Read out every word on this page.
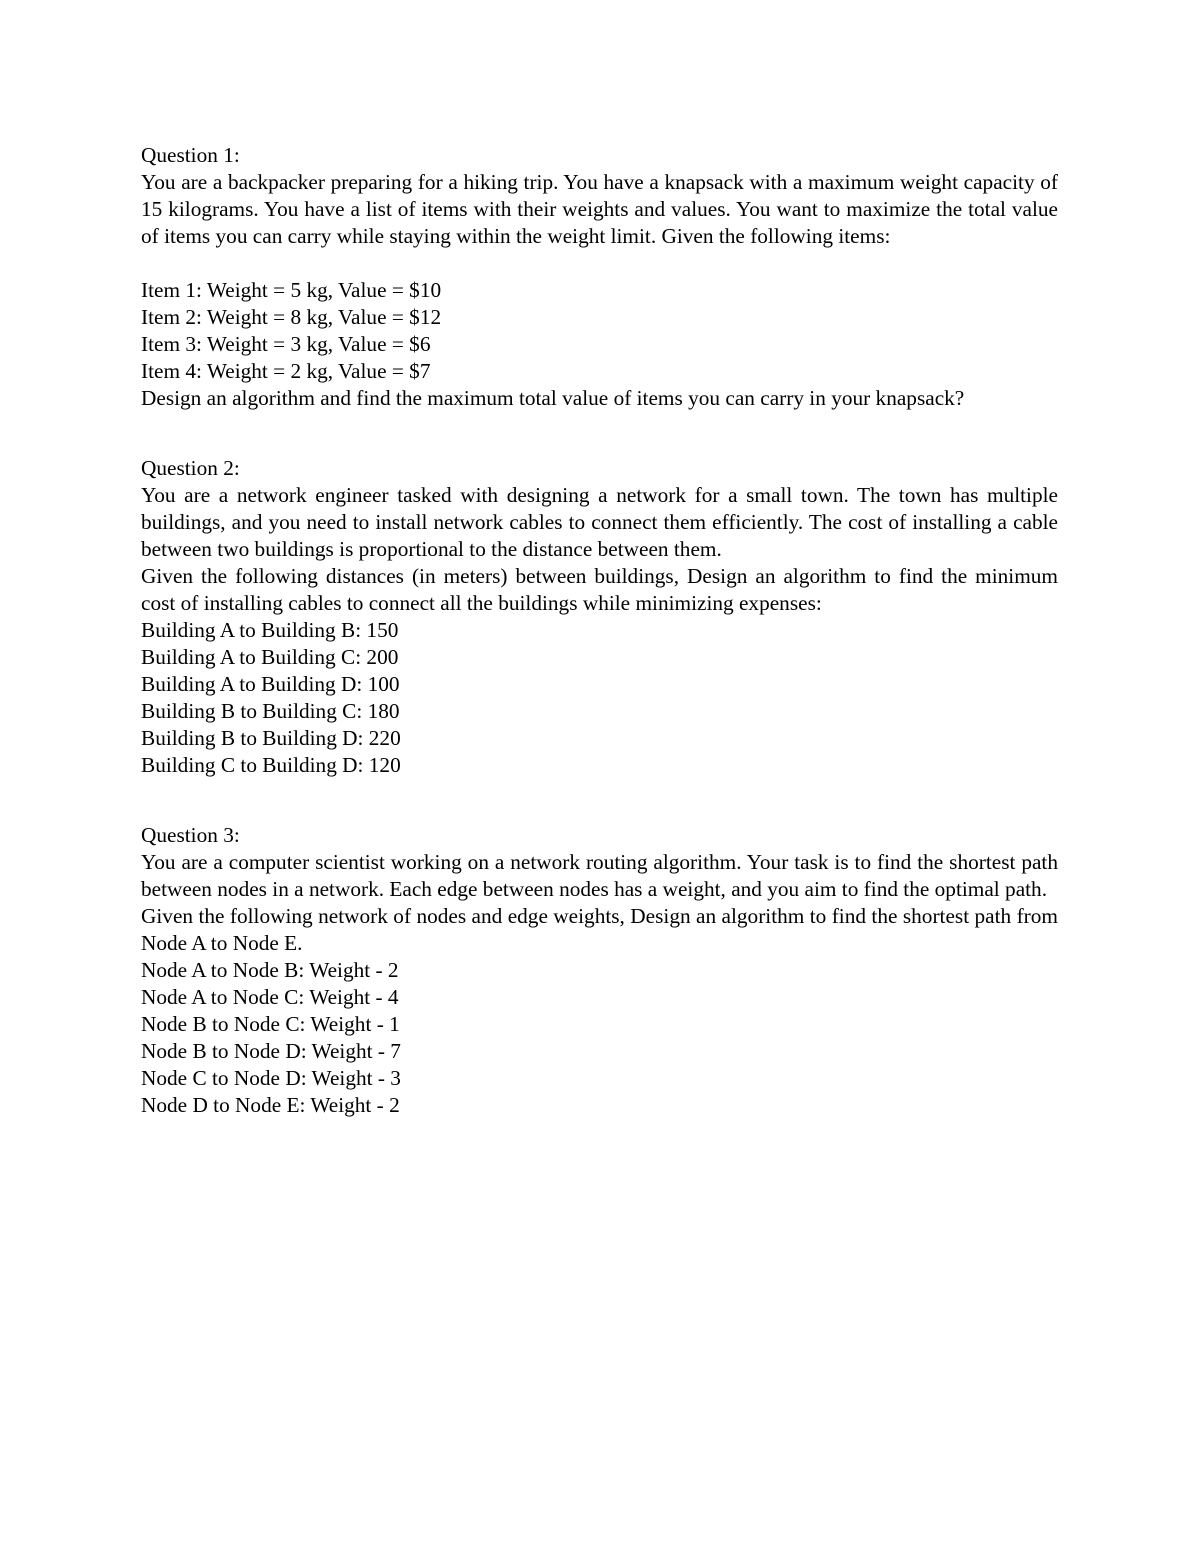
Question 1:
You are a backpacker preparing for a hiking trip. You have a knapsack with a maximum weight capacity of 15 kilograms. You have a list of items with their weights and values. You want to maximize the total value of items you can carry while staying within the weight limit. Given the following items:
Item 1: Weight = 5 kg, Value = $10
Item 2: Weight = 8 kg, Value = $12
Item 3: Weight = 3 kg, Value = $6
Item 4: Weight = 2 kg, Value = $7
Design an algorithm and find the maximum total value of items you can carry in your knapsack?
Question 2:
You are a network engineer tasked with designing a network for a small town. The town has multiple buildings, and you need to install network cables to connect them efficiently. The cost of installing a cable between two buildings is proportional to the distance between them.
Given the following distances (in meters) between buildings, Design an algorithm to find the minimum cost of installing cables to connect all the buildings while minimizing expenses:
Building A to Building B: 150
Building A to Building C: 200
Building A to Building D: 100
Building B to Building C: 180
Building B to Building D: 220
Building C to Building D: 120
Question 3:
You are a computer scientist working on a network routing algorithm. Your task is to find the shortest path between nodes in a network. Each edge between nodes has a weight, and you aim to find the optimal path.
Given the following network of nodes and edge weights, Design an algorithm to find the shortest path from Node A to Node E.
Node A to Node B: Weight - 2
Node A to Node C: Weight - 4
Node B to Node C: Weight - 1
Node B to Node D: Weight - 7
Node C to Node D: Weight - 3
Node D to Node E: Weight - 2
